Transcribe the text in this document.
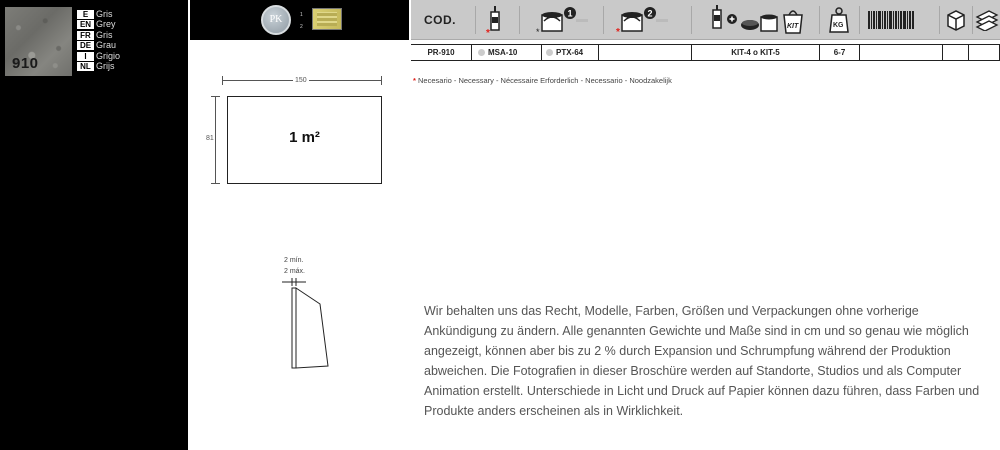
910
E Gris
EN Grey
FR Gris
DE Grau
I	Grigio
NL Grijs
PK	1
2	COD.
*
1
*
2
*
KIT	KG
PR-910	MSA-10	PTX-64	KIT-4 o KIT-5	6-7
* Necesario - Necessary - Nécessaire Erforderlich - Necessario - Noodzakelijk
150
81	1 m²
2 mín.
2 máx.

Wir behalten uns das Recht, Modelle, Farben, Größen und Verpackungen ohne vorherige Ankündigung zu ändern. Alle genannten Gewichte und Maße sind in cm und so genau wie möglich angezeigt, können aber bis zu 2 % durch Expansion und Schrumpfung während der Produktion abweichen. Die Fotografien in dieser Broschüre werden auf Standorte, Studios und als Computer Animation erstellt. Unterschiede in Licht und Druck auf Papier können dazu führen, dass Farben und Produkte anders erscheinen als in Wirklichkeit.
